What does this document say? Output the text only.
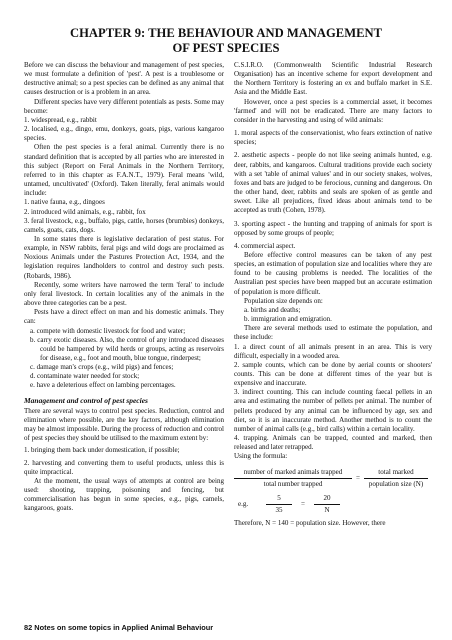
CHAPTER 9: THE BEHAVIOUR AND MANAGEMENT
OF PEST SPECIES

Before we can discuss the behaviour and management of pest species, we must formulate a definition of 'pest'. A pest is a troublesome or destructive animal; so a pest species can be defined as any animal that causes destruction or is a problem in an area.

Different species have very different potentials as pests. Some may become:

1. widespread, e.g., rabbit
2. localised, e.g., dingo, emu, donkeys, goats, pigs, various kangaroo species.

Often the pest species is a feral animal. Currently there is no standard definition that is accepted by all parties who are interested in this subject (Report on Feral Animals in the Northern Territory, referred to in this chapter as F.A.N.T., 1979). Feral means 'wild, untamed, uncultivated' (Oxford). Taken literally, feral animals would include:

1. native fauna, e.g., dingoes
2. introduced wild animals, e.g., rabbit, fox
3. feral livestock, e.g., buffalo, pigs, cattle, horses (brumbies) donkeys, camels, goats, cats, dogs.

In some states there is legislative declaration of pest status. For example, in NSW rabbits, feral pigs and wild dogs are proclaimed as Noxious Animals under the Pastures Protection Act, 1934, and the legislation requires landholders to control and destroy such pests. (Robards, 1986).

Recently, some writers have narrowed the term 'feral' to include only feral livestock. In certain localities any of the animals in the above three categories can be a pest.

Pests have a direct effect on man and his domestic animals. They can:

a. compete with domestic livestock for food and water;
b. carry exotic diseases. Also, the control of any introduced diseases could be hampered by wild herds or groups, acting as reservoirs for disease, e.g., foot and mouth, blue tongue, rinderpest;
c. damage man's crops (e.g., wild pigs) and fences;
d. contaminate water needed for stock;
e. have a deleterious effect on lambing percentages.
Management and control of pest species

There are several ways to control pest species. Reduction, control and elimination where possible, are the key factors, although elimination may be almost impossible. During the process of reduction and control of pest species they should be utilised to the maximum extent by:

1. bringing them back under domestication, if possible;
2. harvesting and converting them to useful products, unless this is quite impractical.

At the moment, the usual ways of attempts at control are being used: shooting, trapping, poisoning and fencing, but commercialisation has begun in some species, e.g., pigs, camels, kangaroos, goats.

C.S.I.R.O. (Commonwealth Scientific Industrial Research Organisation) has an incentive scheme for export development and the Northern Territory is fostering an ex and buffalo market in S.E. Asia and the Middle East.

However, once a pest species is a commercial asset, it becomes 'farmed' and will not be eradicated. There are many factors to consider in the harvesting and using of wild animals:

1. moral aspects of the conservationist, who fears extinction of native species;

2. aesthetic aspects - people do not like seeing animals hunted, e.g. deer, rabbits, and kangaroos. Cultural traditions provide each society with a set 'table of animal values' and in our society snakes, wolves, foxes and bats are judged to be ferocious, cunning and dangerous. On the other hand, deer, rabbits and seals are spoken of as gentle and sweet. Like all prejudices, fixed ideas about animals tend to be accepted as truth (Cohen, 1978).

3. sporting aspect - the hunting and trapping of animals for sport is opposed by some groups of people;

4. commercial aspect.

Before effective control measures can be taken of any pest species, an estimation of population size and localities where they are found to be causing problems is needed. The localities of the Australian pest species have been mapped but an accurate estimation of population is more difficult.

Population size depends on:

a. births and deaths;
b. immigration and emigration.

There are several methods used to estimate the population, and these include:

1. a direct count of all animals present in an area. This is very difficult, especially in a wooded area.
2. sample counts, which can be done by aerial counts or shooters' counts. This can be done at different times of the year but is expensive and inaccurate.
3. indirect counting. This can include counting faecal pellets in an area and estimating the number of pellets per animal. The number of pellets produced by any animal can be influenced by age, sex and diet, so it is an inaccurate method. Another method is to count the number of animal calls (e.g., bird calls) within a certain locality.
4. trapping. Animals can be trapped, counted and marked, then released and later retrapped.

Using the formula:

$\frac{\text{number of marked animals trapped}}{\text{total number trapped}} = \frac{\text{total marked}}{\text{population size (N)}}$
e.g.	$\frac{5}{35}$	=	$\frac{20}{N}$

Therefore, N = 140 = population size. However, there

82 Notes on some topics in Applied Animal Behaviour
